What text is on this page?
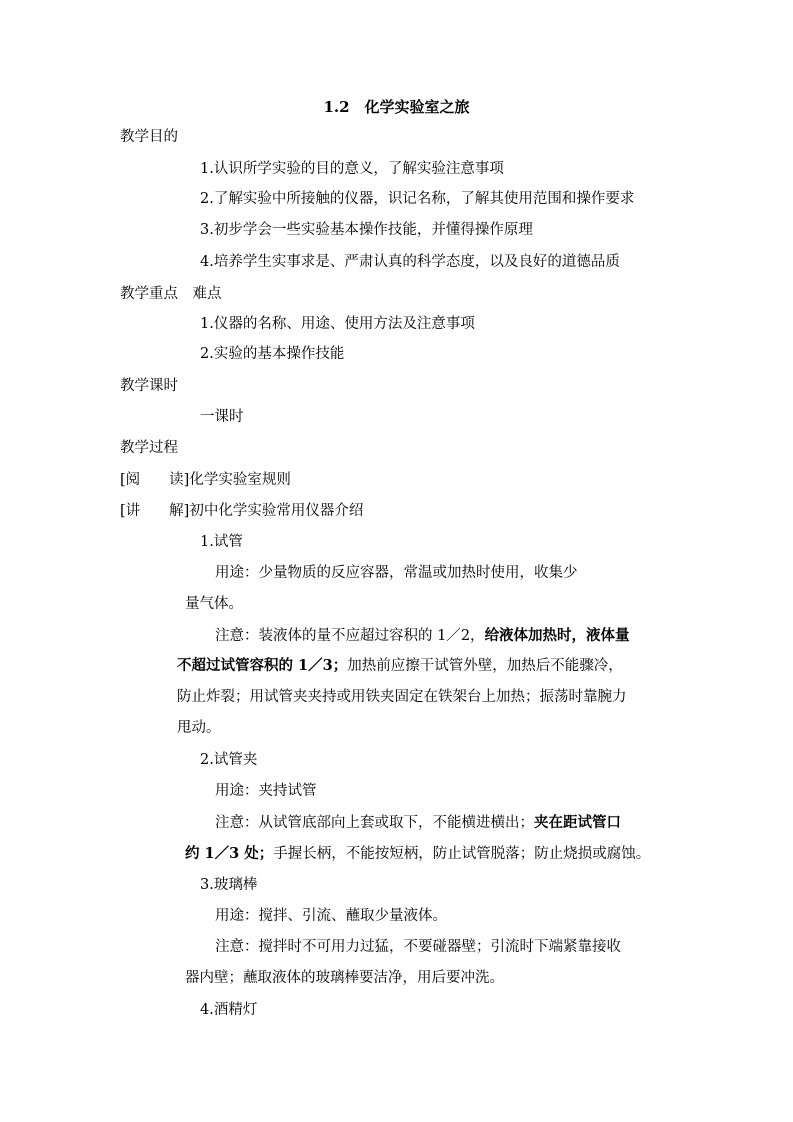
1.2　化学实验室之旅
教学目的
1.认识所学实验的目的意义，了解实验注意事项
2.了解实验中所接触的仪器，识记名称，了解其使用范围和操作要求
3.初步学会一些实验基本操作技能，并懂得操作原理
4.培养学生实事求是、严肃认真的科学态度，以及良好的道德品质
教学重点　难点
1.仪器的名称、用途、使用方法及注意事项
2.实验的基本操作技能
教学课时
一课时
教学过程
[阅　　读]化学实验室规则
[讲　　解]初中化学实验常用仪器介绍
1.试管
用途：少量物质的反应容器，常温或加热时使用，收集少
量气体。
注意：装液体的量不应超过容积的 1／2，给液体加热时，液体量
不超过试管容积的 1／3；加热前应擦干试管外壁，加热后不能骤冷，
防止炸裂；用试管夹夹持或用铁夹固定在铁架台上加热；振荡时靠腕力
甩动。
2.试管夹
用途：夹持试管
注意：从试管底部向上套或取下，不能横进横出；夹在距试管口
约 1／3 处；手握长柄，不能按短柄，防止试管脱落；防止烧损或腐蚀。
3.玻璃棒
用途：搅拌、引流、蘸取少量液体。
注意：搅拌时不可用力过猛，不要碰器壁；引流时下端紧靠接收
器内壁；蘸取液体的玻璃棒要洁净，用后要冲洗。
4.酒精灯
